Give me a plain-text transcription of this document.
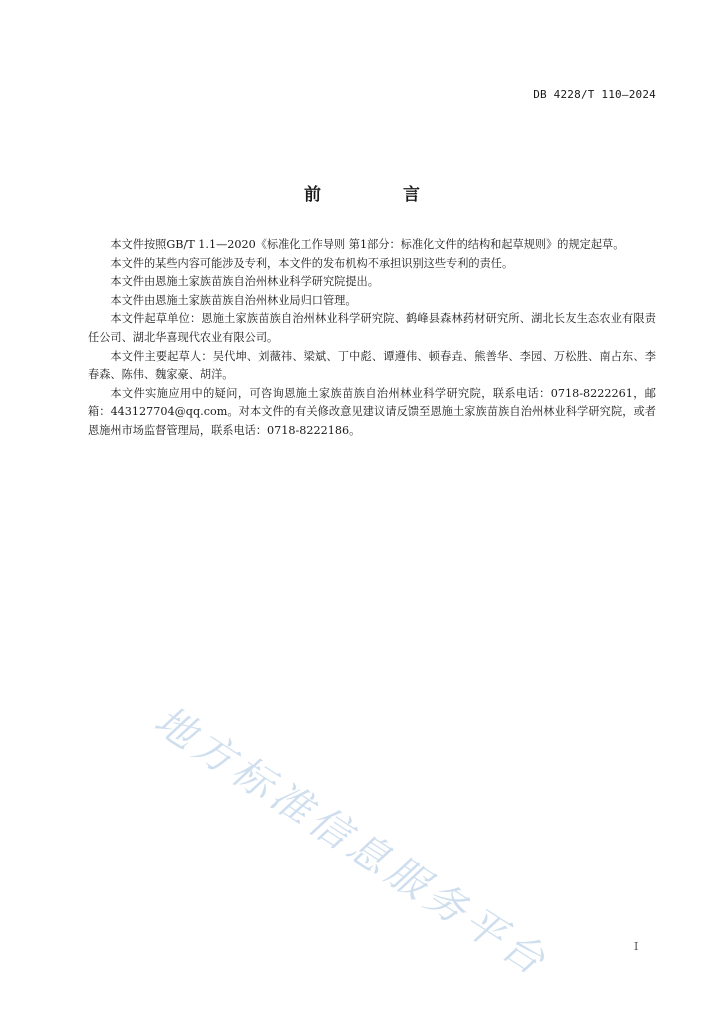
DB 4228/T 110—2024
前 言

本文件按照GB/T 1.1—2020《标准化工作导则 第1部分：标准化文件的结构和起草规则》的规定起草。

本文件的某些内容可能涉及专利，本文件的发布机构不承担识别这些专利的责任。

本文件由恩施土家族苗族自治州林业科学研究院提出。

本文件由恩施土家族苗族自治州林业局归口管理。

本文件起草单位：恩施土家族苗族自治州林业科学研究院、鹤峰县森林药材研究所、湖北长友生态农业有限责任公司、湖北华喜现代农业有限公司。

本文件主要起草人：吴代坤、刘薇祎、梁斌、丁中彪、谭遵伟、顿春垚、熊善华、李园、万松胜、南占东、李春森、陈伟、魏家豪、胡洋。

本文件实施应用中的疑问，可咨询恩施土家族苗族自治州林业科学研究院，联系电话：0718-8222261，邮箱：443127704@qq.com。对本文件的有关修改意见建议请反馈至恩施土家族苗族自治州林业科学研究院，或者恩施州市场监督管理局，联系电话：0718-8222186。

地方标准信息服务平台	I
